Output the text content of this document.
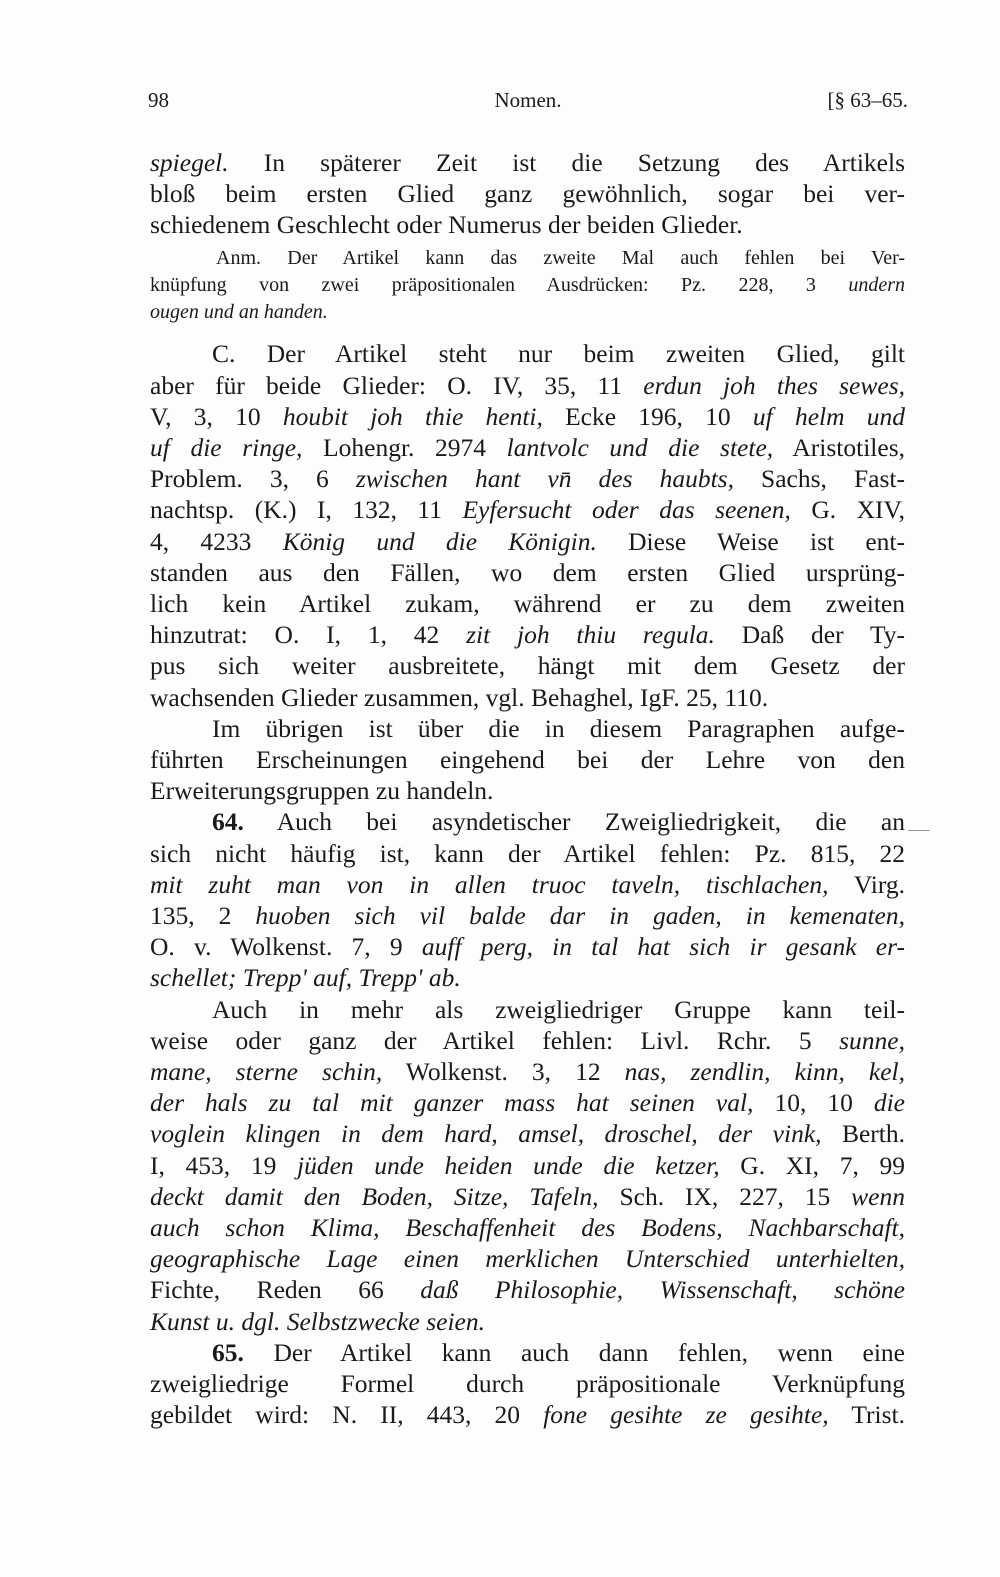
98	Nomen.	[§ 63–65.
spiegel. In späterer Zeit ist die Setzung des Artikels
bloß beim ersten Glied ganz gewöhnlich, sogar bei ver-
schiedenem Geschlecht oder Numerus der beiden Glieder.
Anm. Der Artikel kann das zweite Mal auch fehlen bei Ver-
knüpfung von zwei präpositionalen Ausdrücken: Pz. 228, 3 undern
ougen und an handen.
C. Der Artikel steht nur beim zweiten Glied, gilt
aber für beide Glieder: O. IV, 35, 11 erdun joh thes sewes,
V, 3, 10 houbit joh thie henti, Ecke 196, 10 uf helm und
uf die ringe, Lohengr. 2974 lantvolc und die stete, Aristotiles,
Problem. 3, 6 zwischen hant vn̄ des haubts, Sachs, Fast-
nachtsp. (K.) I, 132, 11 Eyfersucht oder das seenen, G. XIV,
4, 4233 König und die Königin. Diese Weise ist ent-
standen aus den Fällen, wo dem ersten Glied ursprüng-
lich kein Artikel zukam, während er zu dem zweiten
hinzutrat: O. I, 1, 42 zit joh thiu regula. Daß der Ty-
pus sich weiter ausbreitete, hängt mit dem Gesetz der
wachsenden Glieder zusammen, vgl. Behaghel, IgF. 25, 110.
Im übrigen ist über die in diesem Paragraphen aufge-
führten Erscheinungen eingehend bei der Lehre von den
Erweiterungsgruppen zu handeln.
64. Auch bei asyndetischer Zweigliedrigkeit, die an
sich nicht häufig ist, kann der Artikel fehlen: Pz. 815, 22
mit zuht man von in allen truoc taveln, tischlachen, Virg.
135, 2 huoben sich vil balde dar in gaden, in kemenaten,
O. v. Wolkenst. 7, 9 auff perg, in tal hat sich ir gesank er-
schellet; Trepp' auf, Trepp' ab.
Auch in mehr als zweigliedriger Gruppe kann teil-
weise oder ganz der Artikel fehlen: Livl. Rchr. 5 sunne,
mane, sterne schin, Wolkenst. 3, 12 nas, zendlin, kinn, kel,
der hals zu tal mit ganzer mass hat seinen val, 10, 10 die
voglein klingen in dem hard, amsel, droschel, der vink, Berth.
I, 453, 19 jüden unde heiden unde die ketzer, G. XI, 7, 99
deckt damit den Boden, Sitze, Tafeln, Sch. IX, 227, 15 wenn
auch schon Klima, Beschaffenheit des Bodens, Nachbarschaft,
geographische Lage einen merklichen Unterschied unterhielten,
Fichte, Reden 66 daß Philosophie, Wissenschaft, schöne
Kunst u. dgl. Selbstzwecke seien.
65. Der Artikel kann auch dann fehlen, wenn eine
zweigliedrige Formel durch präpositionale Verknüpfung
gebildet wird: N. II, 443, 20 fone gesihte ze gesihte, Trist.
